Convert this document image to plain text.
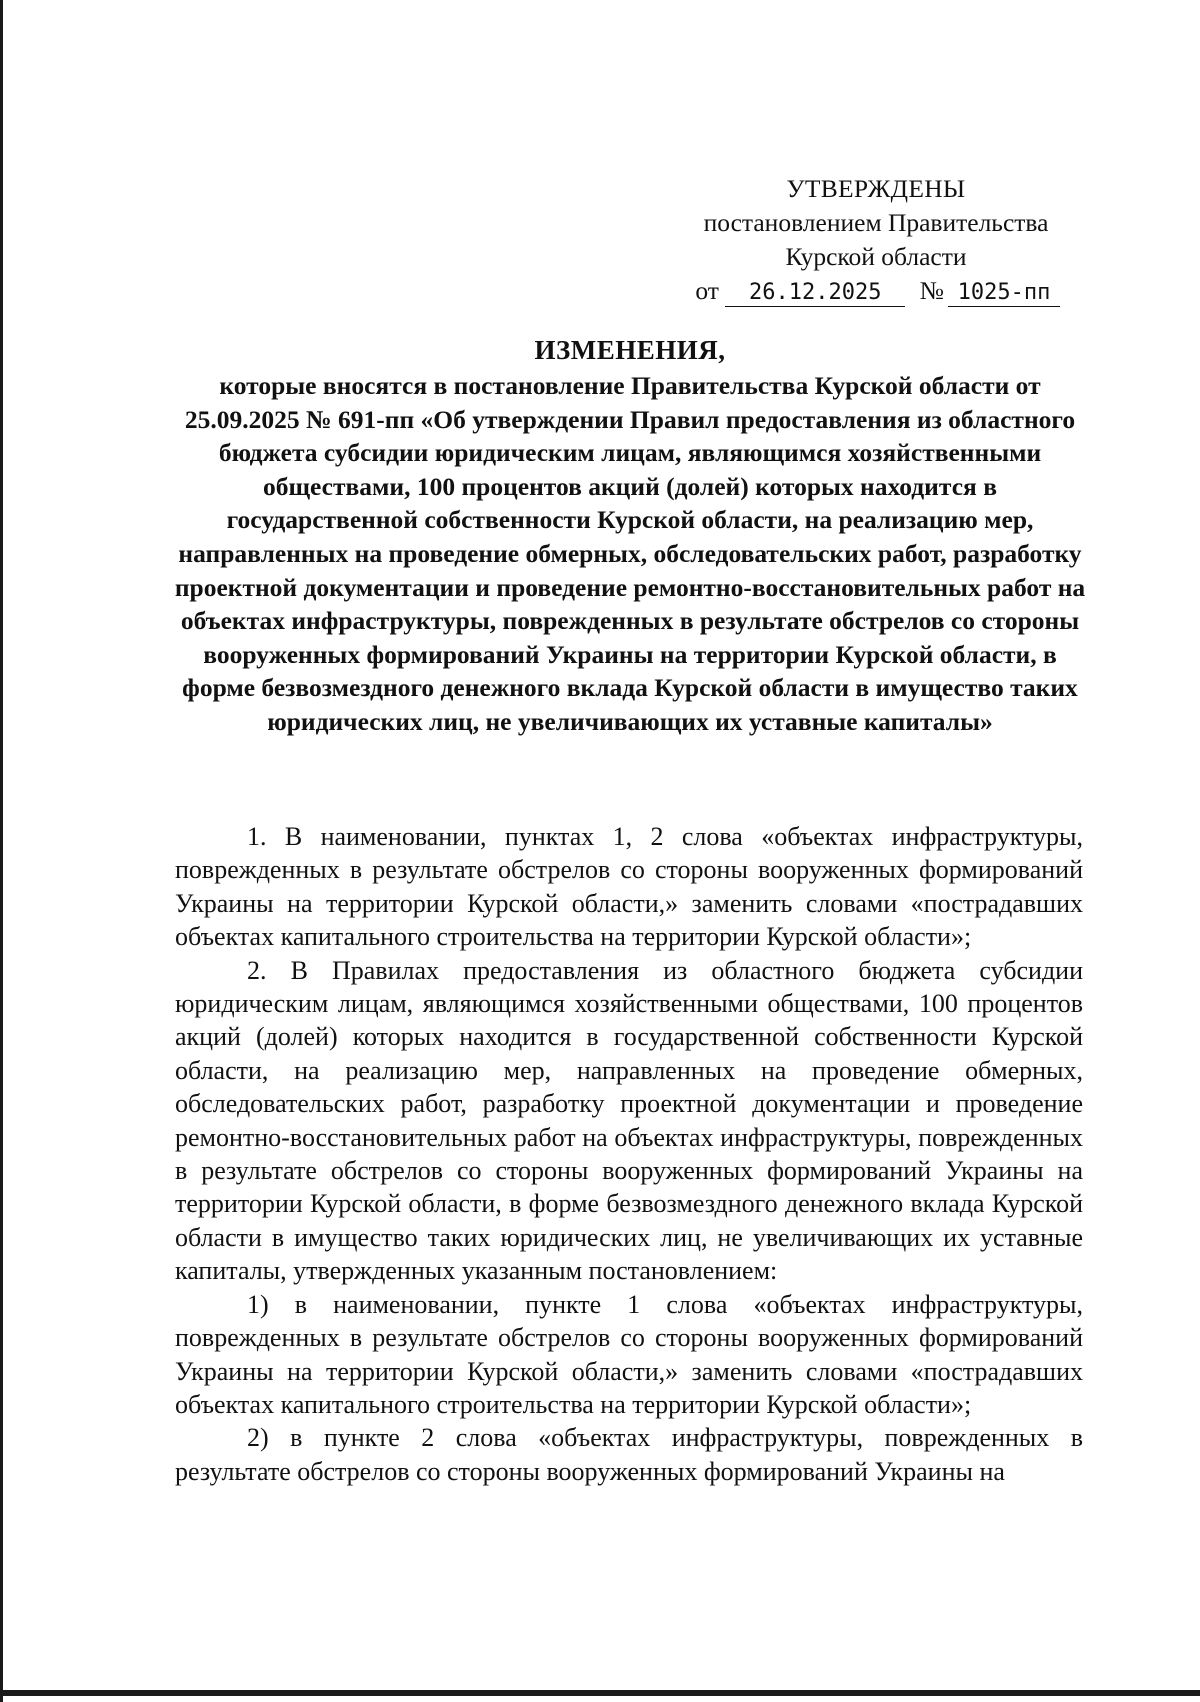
УТВЕРЖДЕНЫ
постановлением Правительства
Курской области
от 26.12.2025 № 1025-пп
ИЗМЕНЕНИЯ,
которые вносятся в постановление Правительства Курской области от 25.09.2025 № 691-пп «Об утверждении Правил предоставления из областного бюджета субсидии юридическим лицам, являющимся хозяйственными обществами, 100 процентов акций (долей) которых находится в государственной собственности Курской области, на реализацию мер, направленных на проведение обмерных, обследовательских работ, разработку проектной документации и проведение ремонтно-восстановительных работ на объектах инфраструктуры, поврежденных в результате обстрелов со стороны вооруженных формирований Украины на территории Курской области, в форме безвозмездного денежного вклада Курской области в имущество таких юридических лиц, не увеличивающих их уставные капиталы»

1. В наименовании, пунктах 1, 2 слова «объектах инфраструктуры, поврежденных в результате обстрелов со стороны вооруженных формирований Украины на территории Курской области,» заменить словами «пострадавших объектах капитального строительства на территории Курской области»;

2. В Правилах предоставления из областного бюджета субсидии юридическим лицам, являющимся хозяйственными обществами, 100 процентов акций (долей) которых находится в государственной собственности Курской области, на реализацию мер, направленных на проведение обмерных, обследовательских работ, разработку проектной документации и проведение ремонтно-восстановительных работ на объектах инфраструктуры, поврежденных в результате обстрелов со стороны вооруженных формирований Украины на территории Курской области, в форме безвозмездного денежного вклада Курской области в имущество таких юридических лиц, не увеличивающих их уставные капиталы, утвержденных указанным постановлением:

1) в наименовании, пункте 1 слова «объектах инфраструктуры, поврежденных в результате обстрелов со стороны вооруженных формирований Украины на территории Курской области,» заменить словами «пострадавших объектах капитального строительства на территории Курской области»;

2) в пункте 2 слова «объектах инфраструктуры, поврежденных в результате обстрелов со стороны вооруженных формирований Украины на
